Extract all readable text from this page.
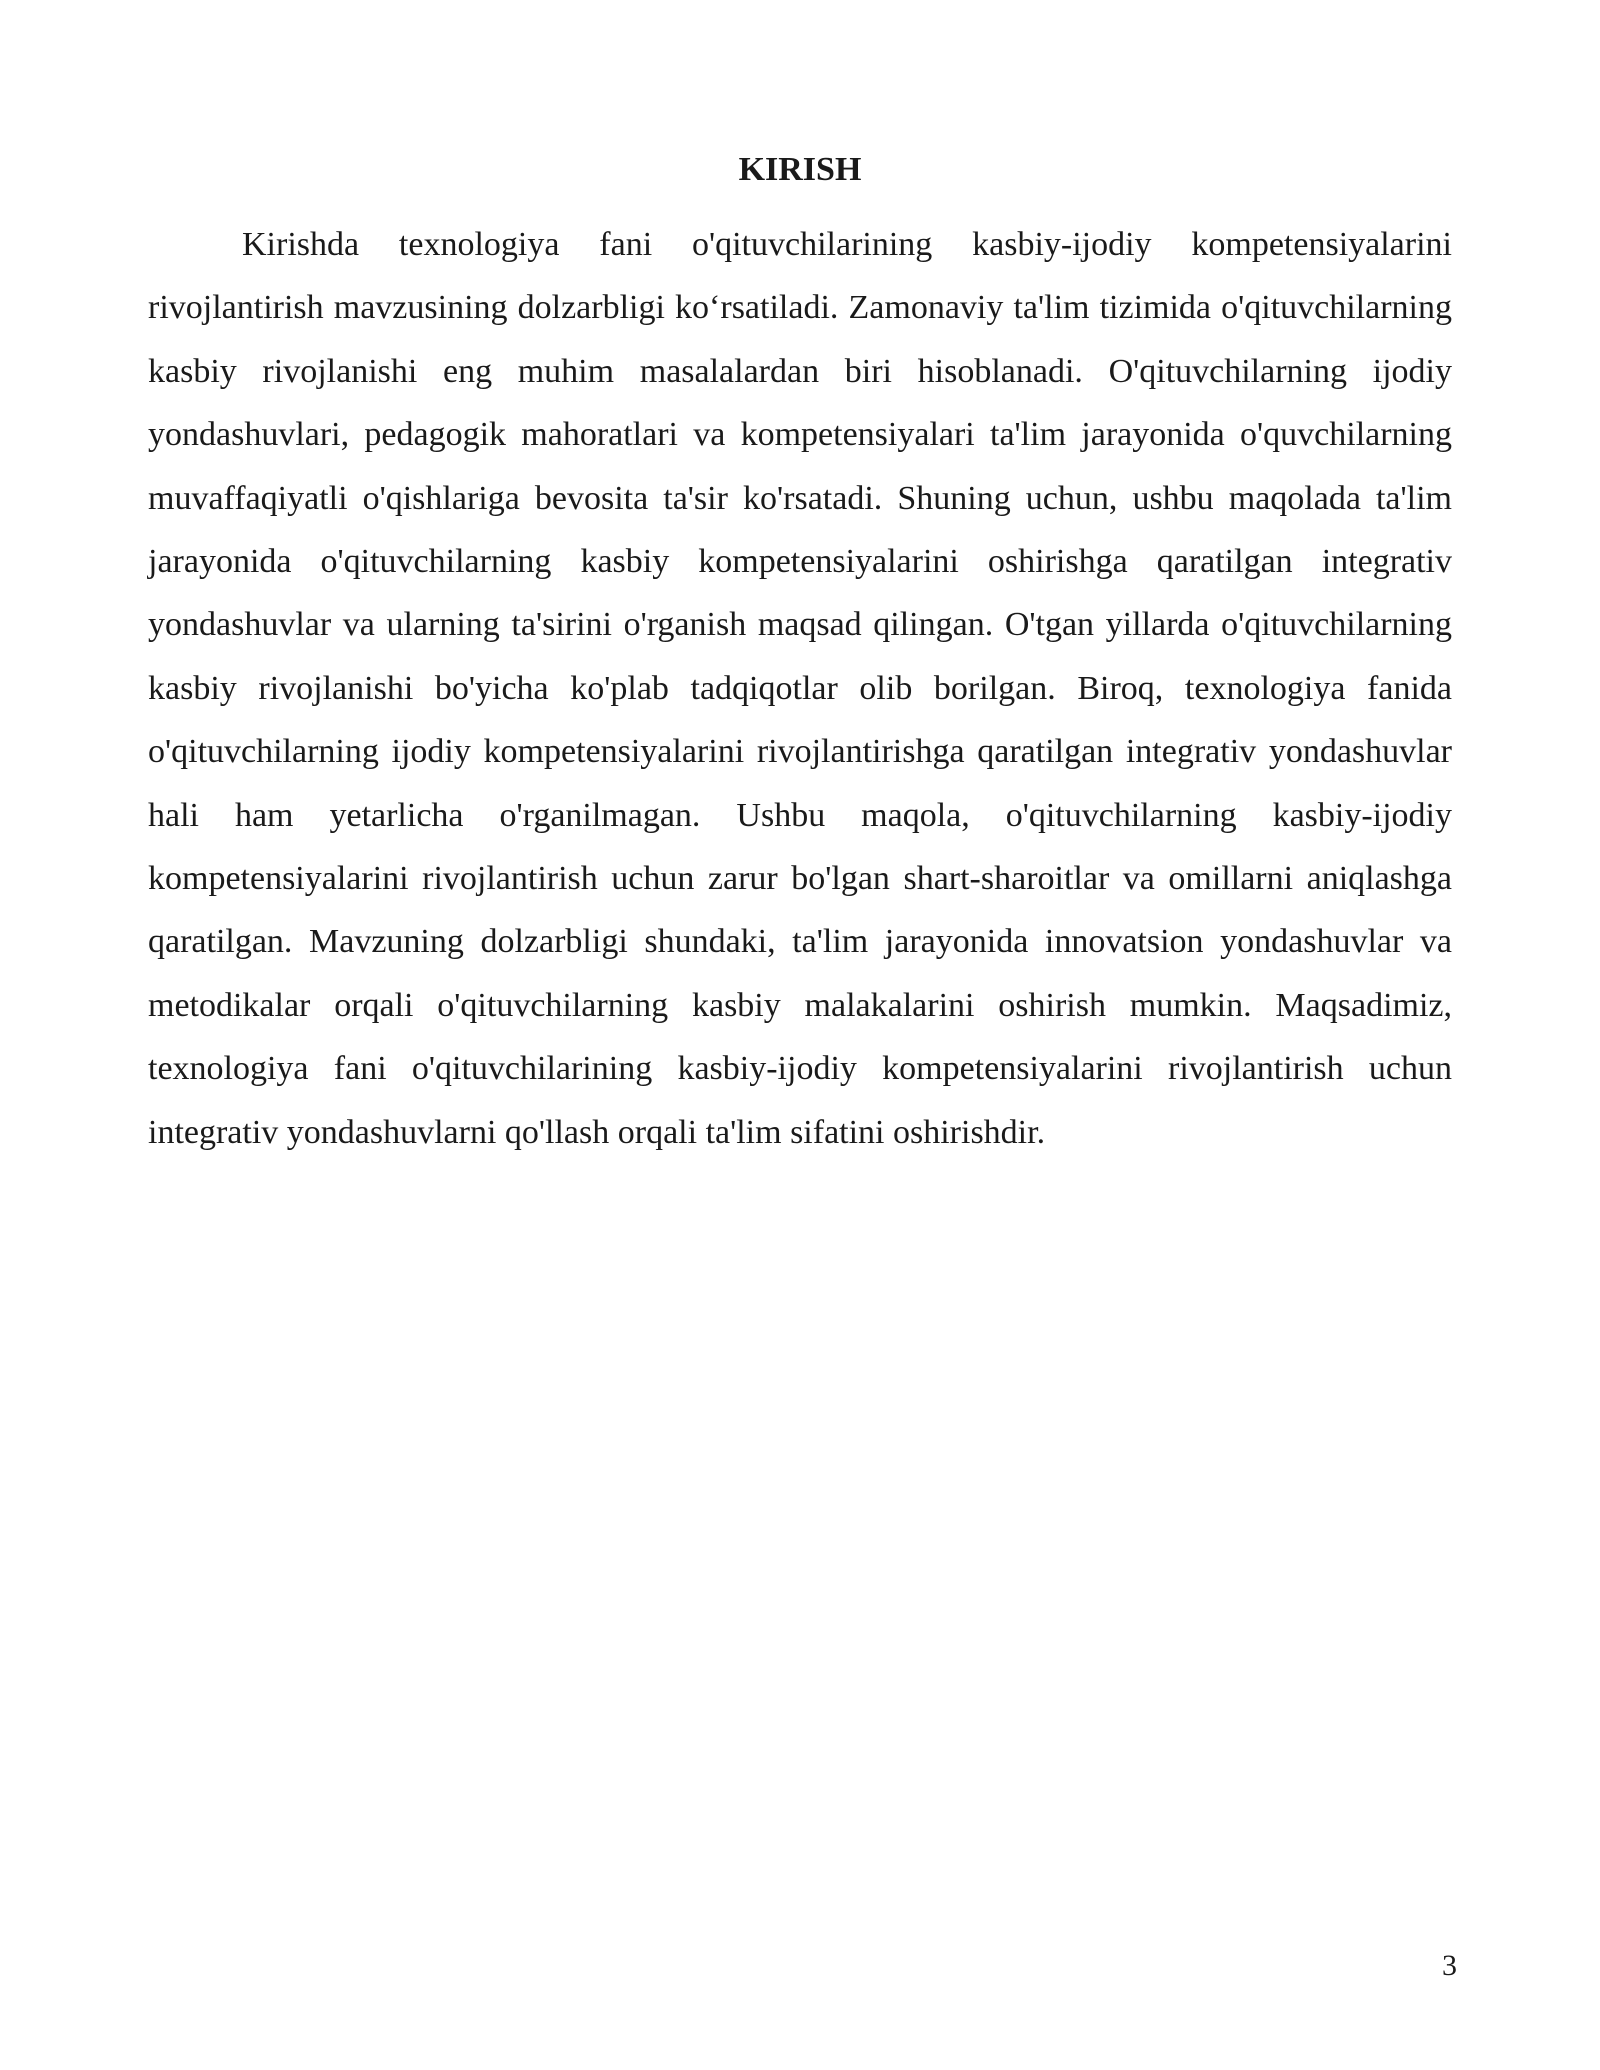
KIRISH

Kirishda texnologiya fani o'qituvchilarining kasbiy-ijodiy kompetensiyalarini rivojlantirish mavzusining dolzarbligi ko‘rsatiladi. Zamonaviy ta'lim tizimida o'qituvchilarning kasbiy rivojlanishi eng muhim masalalardan biri hisoblanadi. O'qituvchilarning ijodiy yondashuvlari, pedagogik mahoratlari va kompetensiyalari ta'lim jarayonida o'quvchilarning muvaffaqiyatli o'qishlariga bevosita ta'sir ko'rsatadi. Shuning uchun, ushbu maqolada ta'lim jarayonida o'qituvchilarning kasbiy kompetensiyalarini oshirishga qaratilgan integrativ yondashuvlar va ularning ta'sirini o'rganish maqsad qilingan. O'tgan yillarda o'qituvchilarning kasbiy rivojlanishi bo'yicha ko'plab tadqiqotlar olib borilgan. Biroq, texnologiya fanida o'qituvchilarning ijodiy kompetensiyalarini rivojlantirishga qaratilgan integrativ yondashuvlar hali ham yetarlicha o'rganilmagan. Ushbu maqola, o'qituvchilarning kasbiy-ijodiy kompetensiyalarini rivojlantirish uchun zarur bo'lgan shart-sharoitlar va omillarni aniqlashga qaratilgan. Mavzuning dolzarbligi shundaki, ta'lim jarayonida innovatsion yondashuvlar va metodikalar orqali o'qituvchilarning kasbiy malakalarini oshirish mumkin. Maqsadimiz, texnologiya fani o'qituvchilarining kasbiy-ijodiy kompetensiyalarini rivojlantirish uchun integrativ yondashuvlarni qo'llash orqali ta'lim sifatini oshirishdir.

3
